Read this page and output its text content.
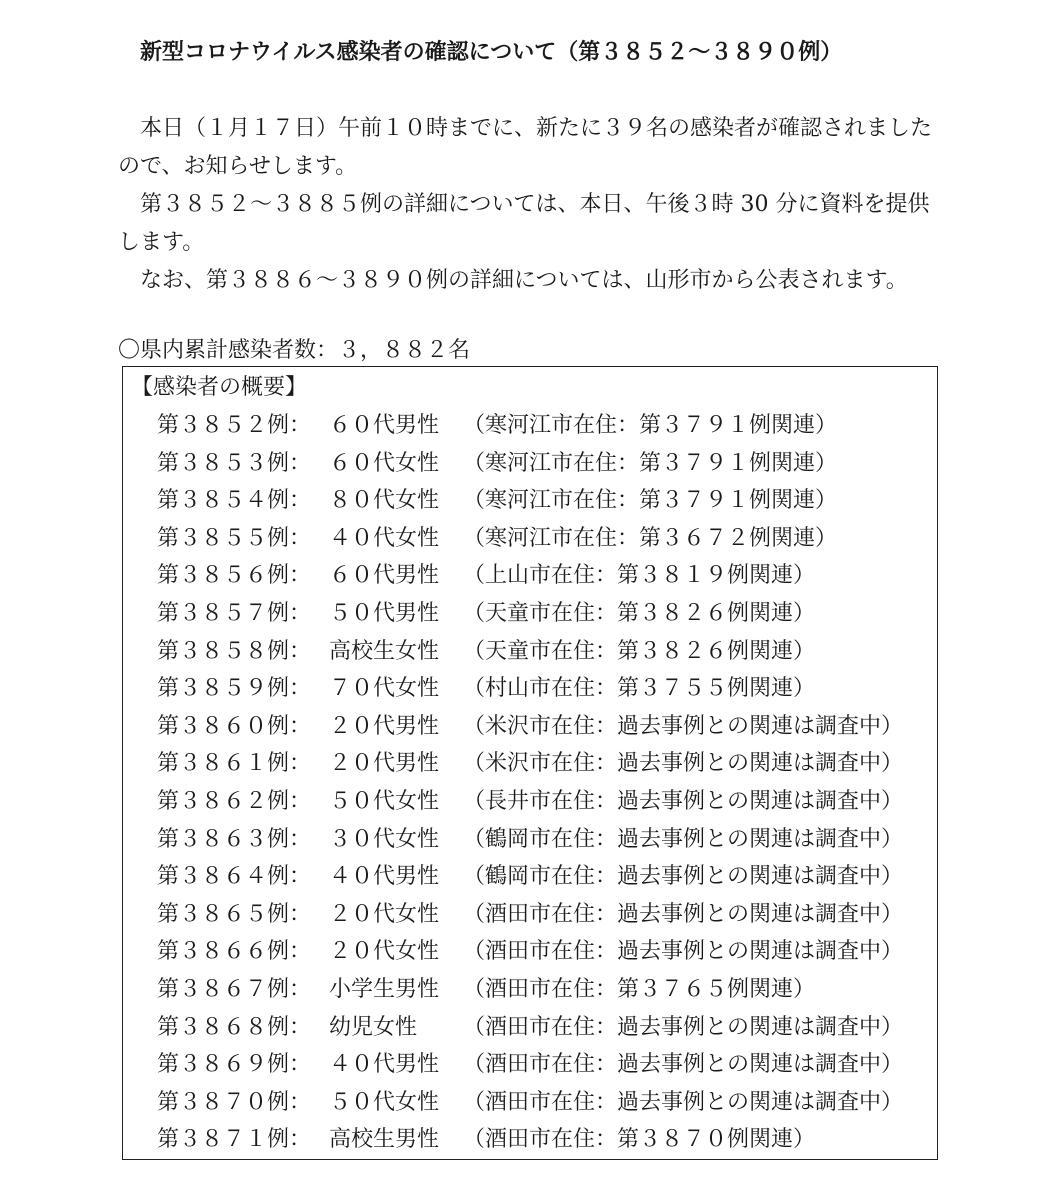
新型コロナウイルス感染者の確認について（第３８５２～３８９０例）

本日（１月１７日）午前１０時までに、新たに３９名の感染者が確認されましたので、お知らせします。

第３８５２～３８８５例の詳細については、本日、午後３時 30 分に資料を提供します。

なお、第３８８６～３８９０例の詳細については、山形市から公表されます。

〇県内累計感染者数：３，８８２名
【感染者の概要】
第３８５２例： ６０代男性 （寒河江市在住：第３７９１例関連）
第３８５３例： ６０代女性 （寒河江市在住：第３７９１例関連）
第３８５４例： ８０代女性 （寒河江市在住：第３７９１例関連）
第３８５５例： ４０代女性 （寒河江市在住：第３６７２例関連）
第３８５６例： ６０代男性 （上山市在住：第３８１９例関連）
第３８５７例： ５０代男性 （天童市在住：第３８２６例関連）
第３８５８例： 高校生女性 （天童市在住：第３８２６例関連）
第３８５９例： ７０代女性 （村山市在住：第３７５５例関連）
第３８６０例： ２０代男性 （米沢市在住：過去事例との関連は調査中）
第３８６１例： ２０代男性 （米沢市在住：過去事例との関連は調査中）
第３８６２例： ５０代女性 （長井市在住：過去事例との関連は調査中）
第３８６３例： ３０代女性 （鶴岡市在住：過去事例との関連は調査中）
第３８６４例： ４０代男性 （鶴岡市在住：過去事例との関連は調査中）
第３８６５例： ２０代女性 （酒田市在住：過去事例との関連は調査中）
第３８６６例： ２０代女性 （酒田市在住：過去事例との関連は調査中）
第３８６７例： 小学生男性 （酒田市在住：第３７６５例関連）
第３８６８例： 幼児女性 （酒田市在住：過去事例との関連は調査中）
第３８６９例： ４０代男性 （酒田市在住：過去事例との関連は調査中）
第３８７０例： ５０代女性 （酒田市在住：過去事例との関連は調査中）
第３８７１例： 高校生男性 （酒田市在住：第３８７０例関連）
